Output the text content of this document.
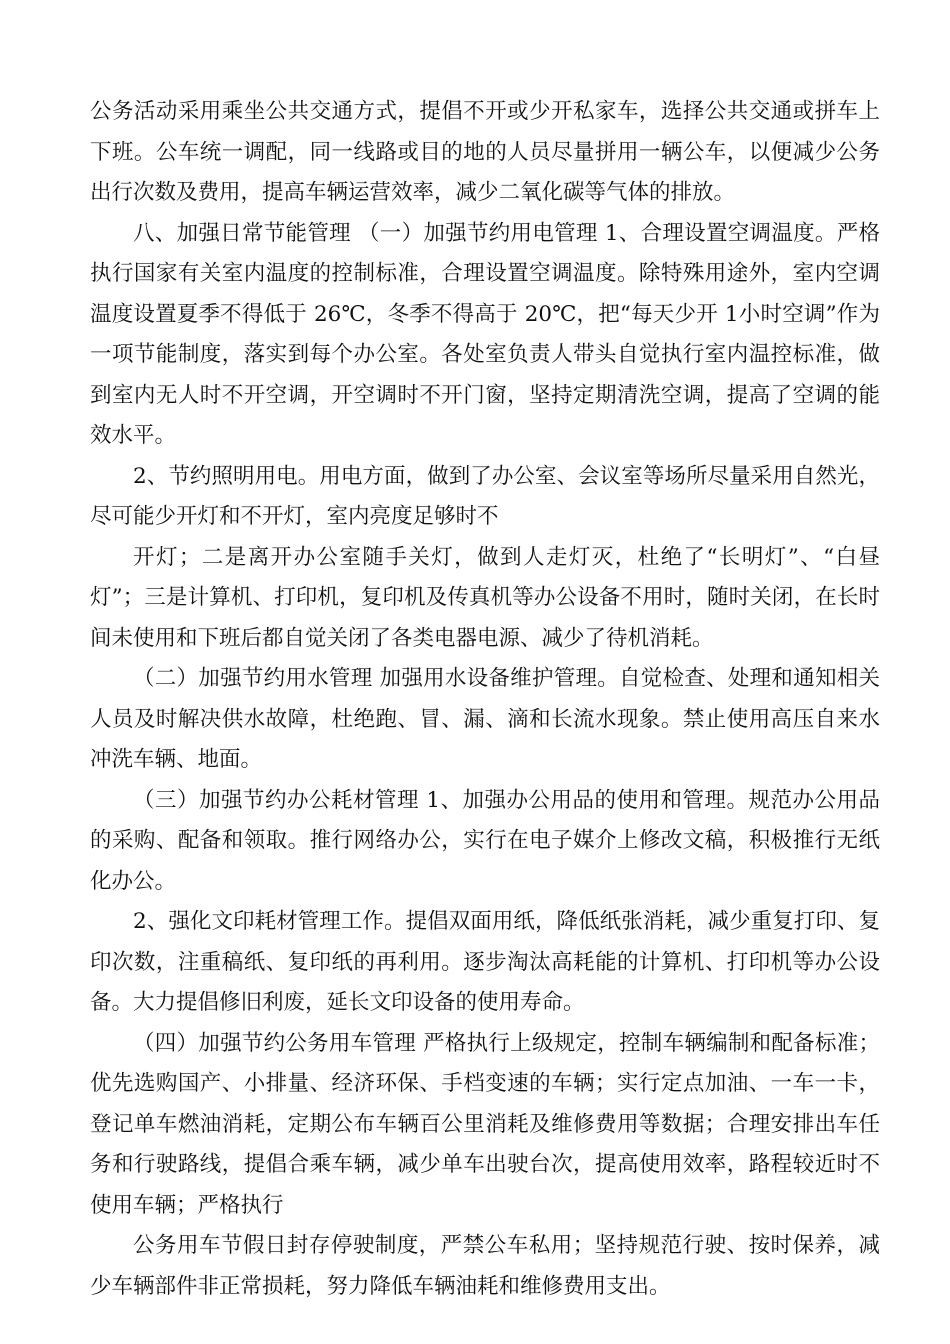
公务活动采用乘坐公共交通方式，提倡不开或少开私家车，选择公共交通或拼车上下班。公车统一调配，同一线路或目的地的人员尽量拼用一辆公车，以便减少公务出行次数及费用，提高车辆运营效率，减少二氧化碳等气体的排放。

八、加强日常节能管理 （一）加强节约用电管理 1、合理设置空调温度。严格执行国家有关室内温度的控制标准，合理设置空调温度。除特殊用途外，室内空调温度设置夏季不得低于 26℃，冬季不得高于 20℃，把“每天少开 1小时空调”作为一项节能制度，落实到每个办公室。各处室负责人带头自觉执行室内温控标准，做到室内无人时不开空调，开空调时不开门窗，坚持定期清洗空调，提高了空调的能效水平。

2、节约照明用电。用电方面，做到了办公室、会议室等场所尽量采用自然光，尽可能少开灯和不开灯，室内亮度足够时不

开灯；二是离开办公室随手关灯，做到人走灯灭，杜绝了“长明灯”、“白昼灯”；三是计算机、打印机，复印机及传真机等办公设备不用时，随时关闭，在长时间未使用和下班后都自觉关闭了各类电器电源、减少了待机消耗。

（二）加强节约用水管理 加强用水设备维护管理。自觉检查、处理和通知相关人员及时解决供水故障，杜绝跑、冒、漏、滴和长流水现象。禁止使用高压自来水冲洗车辆、地面。

（三）加强节约办公耗材管理 1、加强办公用品的使用和管理。规范办公用品的采购、配备和领取。推行网络办公，实行在电子媒介上修改文稿，积极推行无纸化办公。

2、强化文印耗材管理工作。提倡双面用纸，降低纸张消耗，减少重复打印、复印次数，注重稿纸、复印纸的再利用。逐步淘汰高耗能的计算机、打印机等办公设备。大力提倡修旧利废，延长文印设备的使用寿命。

（四）加强节约公务用车管理 严格执行上级规定，控制车辆编制和配备标准；优先选购国产、小排量、经济环保、手档变速的车辆；实行定点加油、一车一卡，登记单车燃油消耗，定期公布车辆百公里消耗及维修费用等数据；合理安排出车任务和行驶路线，提倡合乘车辆，减少单车出驶台次，提高使用效率，路程较近时不使用车辆；严格执行

公务用车节假日封存停驶制度，严禁公车私用；坚持规范行驶、按时保养，减少车辆部件非正常损耗，努力降低车辆油耗和维修费用支出。
